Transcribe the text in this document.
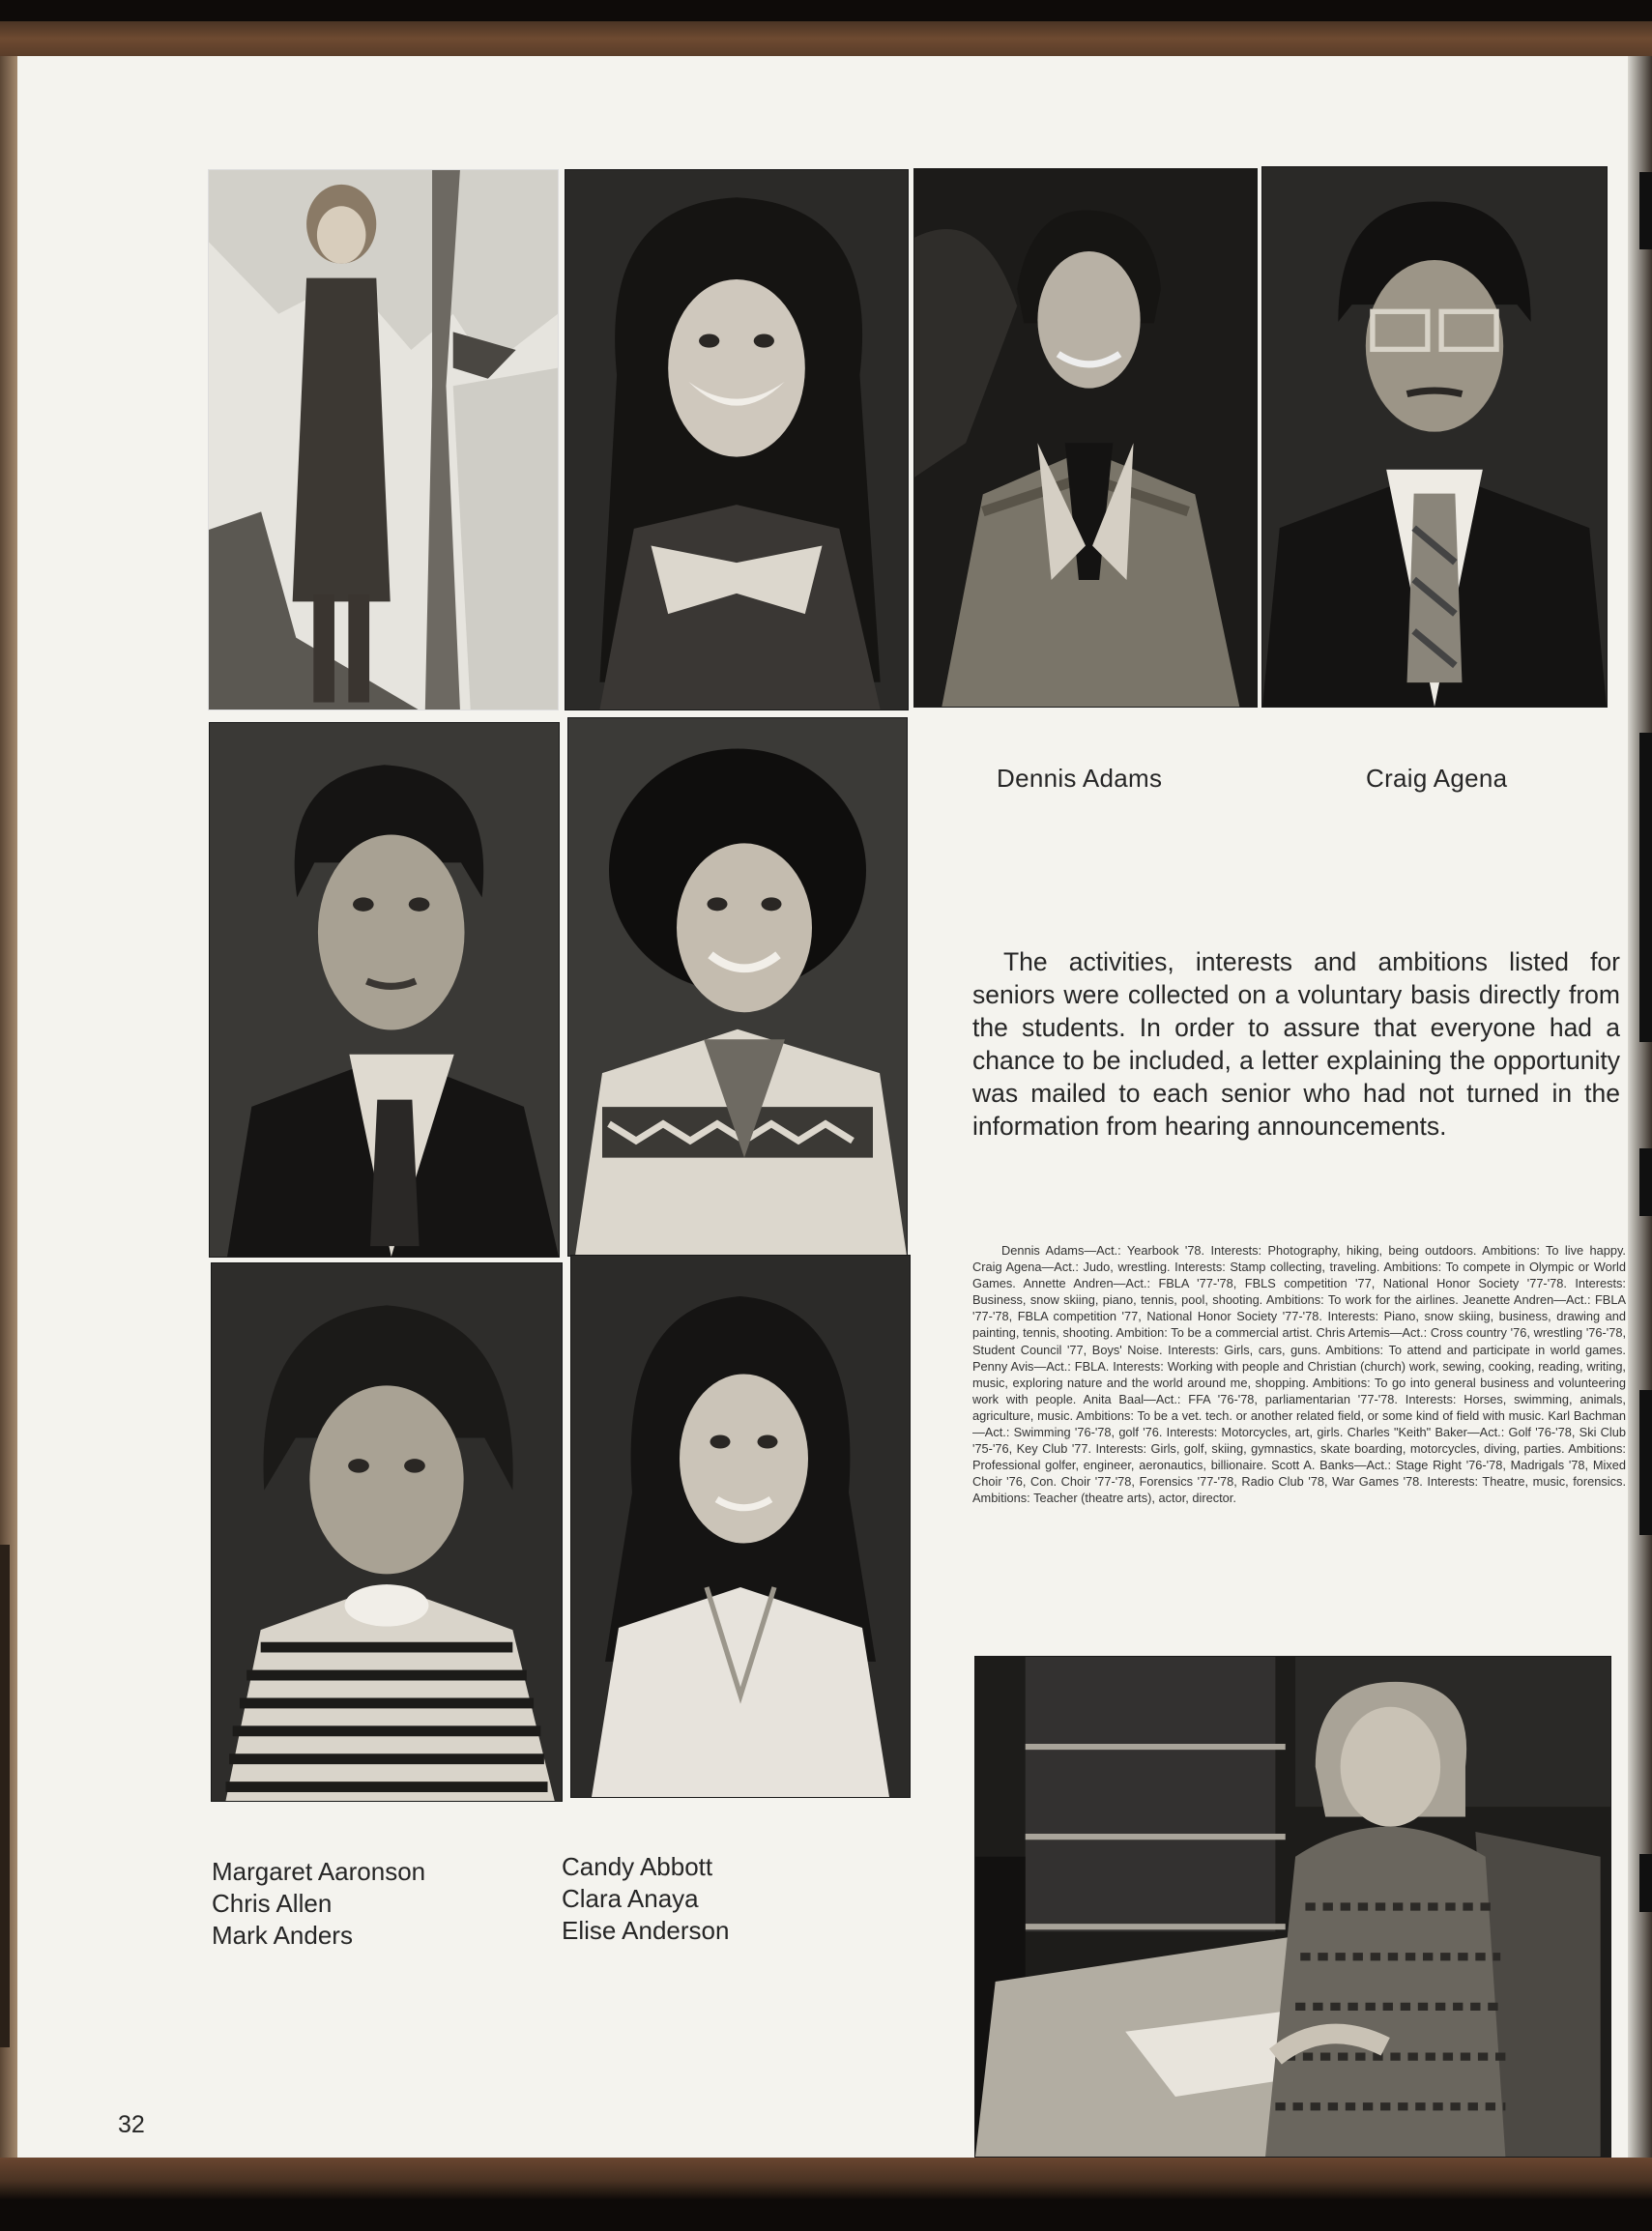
Dennis Adams	Craig Agena
The activities, interests and ambitions listed for seniors were collected on a voluntary basis directly from the students. In order to assure that everyone had a chance to be included, a letter explaining the opportunity was mailed to each senior who had not turned in the information from hearing announcements.
Dennis Adams—Act.: Yearbook '78. Interests: Photography, hiking, being outdoors. Ambitions: To live happy. Craig Agena—Act.: Judo, wrestling. Interests: Stamp collecting, traveling. Ambitions: To compete in Olympic or World Games. Annette Andren—Act.: FBLA '77-'78, FBLS competition '77, National Honor Society '77-'78. Interests: Business, snow skiing, piano, tennis, pool, shooting. Ambitions: To work for the airlines. Jeanette Andren—Act.: FBLA '77-'78, FBLA competition '77, National Honor Society '77-'78. Interests: Piano, snow skiing, business, drawing and painting, tennis, shooting. Ambition: To be a commercial artist. Chris Artemis—Act.: Cross country '76, wrestling '76-'78, Student Council '77, Boys' Noise. Interests: Girls, cars, guns. Ambitions: To attend and participate in world games. Penny Avis—Act.: FBLA. Interests: Working with people and Christian (church) work, sewing, cooking, reading, writing, music, exploring nature and the world around me, shopping. Ambitions: To go into general business and volunteering work with people. Anita Baal—Act.: FFA '76-'78, parliamentarian '77-'78. Interests: Horses, swimming, animals, agriculture, music. Ambitions: To be a vet. tech. or another related field, or some kind of field with music. Karl Bachman—Act.: Swimming '76-'78, golf '76. Interests: Motorcycles, art, girls. Charles "Keith" Baker—Act.: Golf '76-'78, Ski Club '75-'76, Key Club '77. Interests: Girls, golf, skiing, gymnastics, skate boarding, motorcycles, diving, parties. Ambitions: Professional golfer, engineer, aeronautics, billionaire. Scott A. Banks—Act.: Stage Right '76-'78, Madrigals '78, Mixed Choir '76, Con. Choir '77-'78, Forensics '77-'78, Radio Club '78, War Games '78. Interests: Theatre, music, forensics. Ambitions: Teacher (theatre arts), actor, director.
Margaret Aaronson
Chris Allen
Mark Anders
Candy Abbott
Clara Anaya
Elise Anderson
32
